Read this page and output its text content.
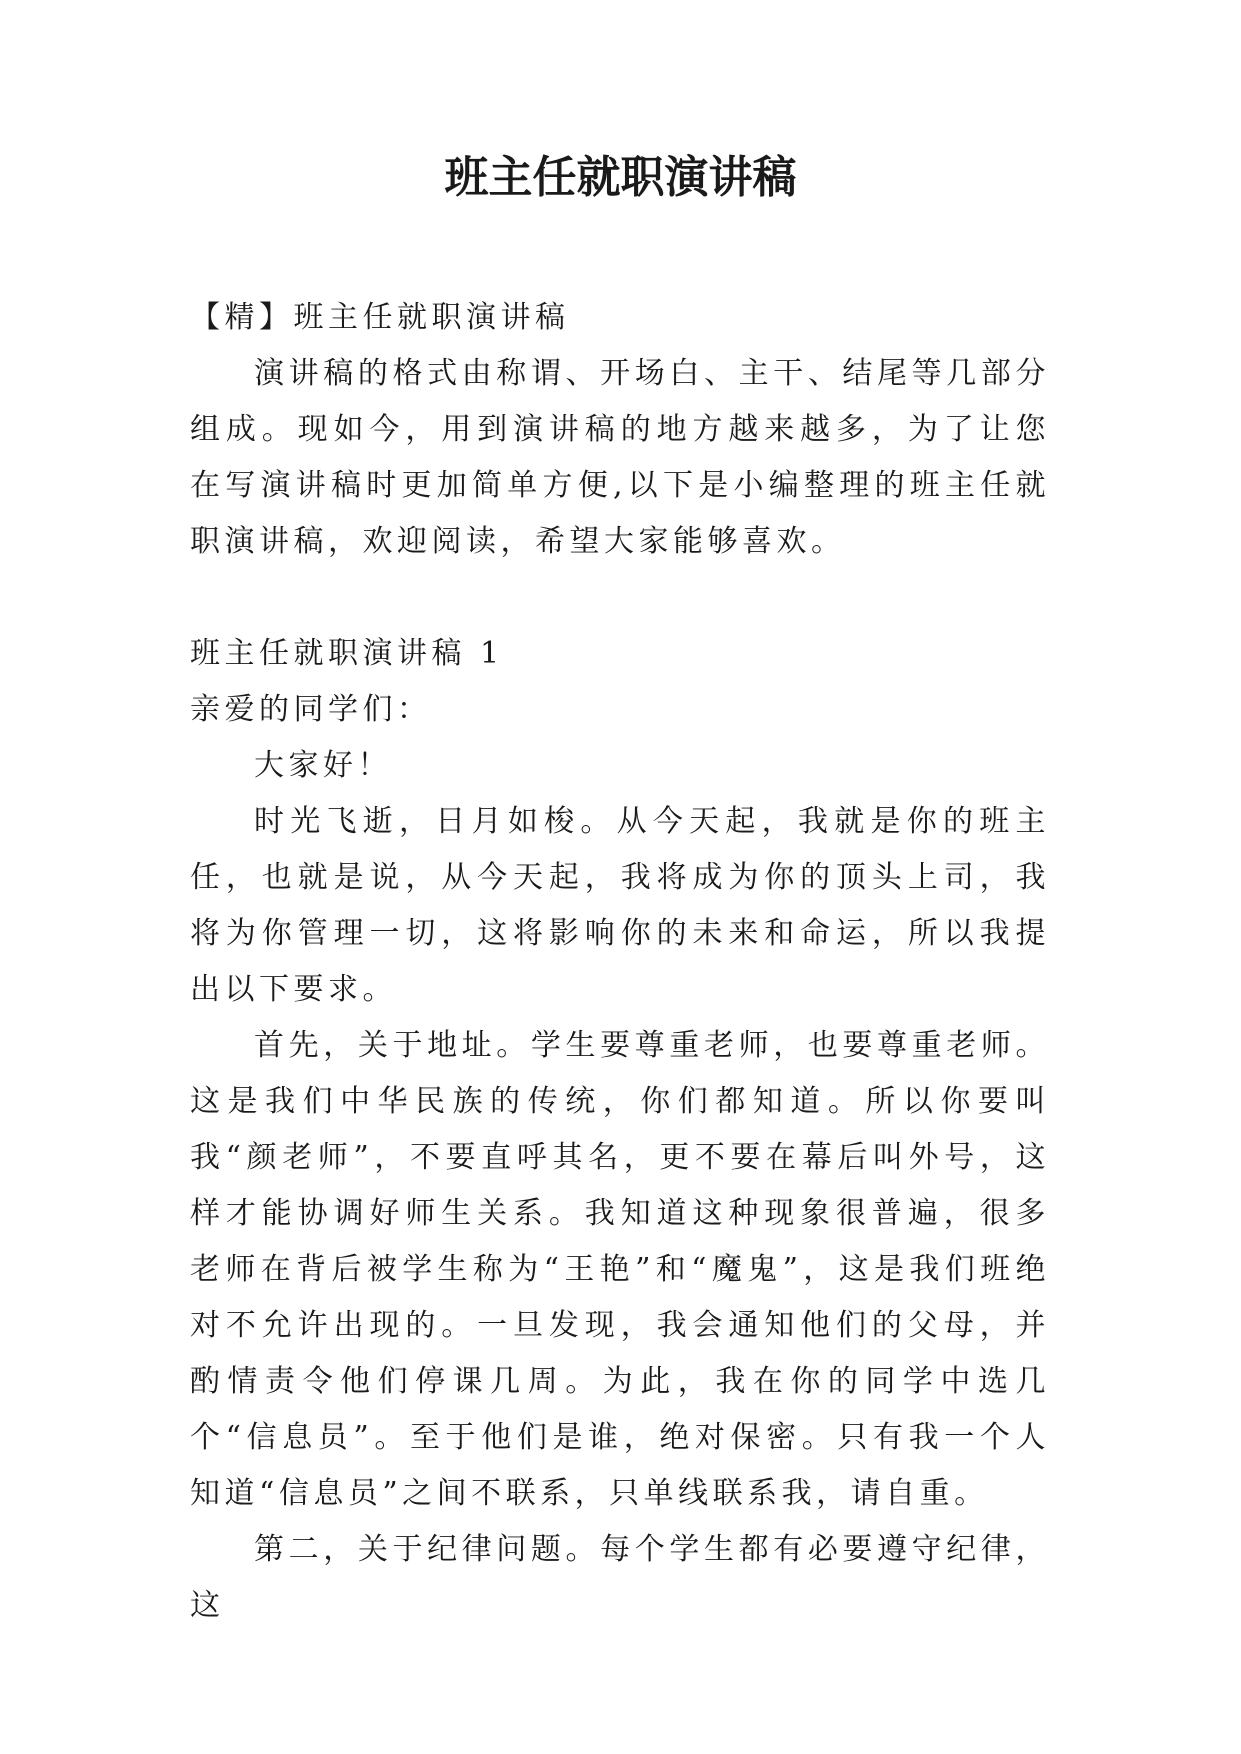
班主任就职演讲稿

【精】班主任就职演讲稿

演讲稿的格式由称谓、开场白、主干、结尾等几部分组成。现如今，用到演讲稿的地方越来越多，为了让您在写演讲稿时更加简单方便,以下是小编整理的班主任就职演讲稿，欢迎阅读，希望大家能够喜欢。

班主任就职演讲稿 1

亲爱的同学们：

大家好！

时光飞逝，日月如梭。从今天起，我就是你的班主任，也就是说，从今天起，我将成为你的顶头上司，我将为你管理一切，这将影响你的未来和命运，所以我提出以下要求。

首先，关于地址。学生要尊重老师，也要尊重老师。这是我们中华民族的传统，你们都知道。所以你要叫我“颜老师”，不要直呼其名，更不要在幕后叫外号，这样才能协调好师生关系。我知道这种现象很普遍，很多老师在背后被学生称为“王艳”和“魔鬼”，这是我们班绝对不允许出现的。一旦发现，我会通知他们的父母，并酌情责令他们停课几周。为此，我在你的同学中选几个“信息员”。至于他们是谁，绝对保密。只有我一个人知道“信息员”之间不联系，只单线联系我，请自重。

第二，关于纪律问题。每个学生都有必要遵守纪律，这
